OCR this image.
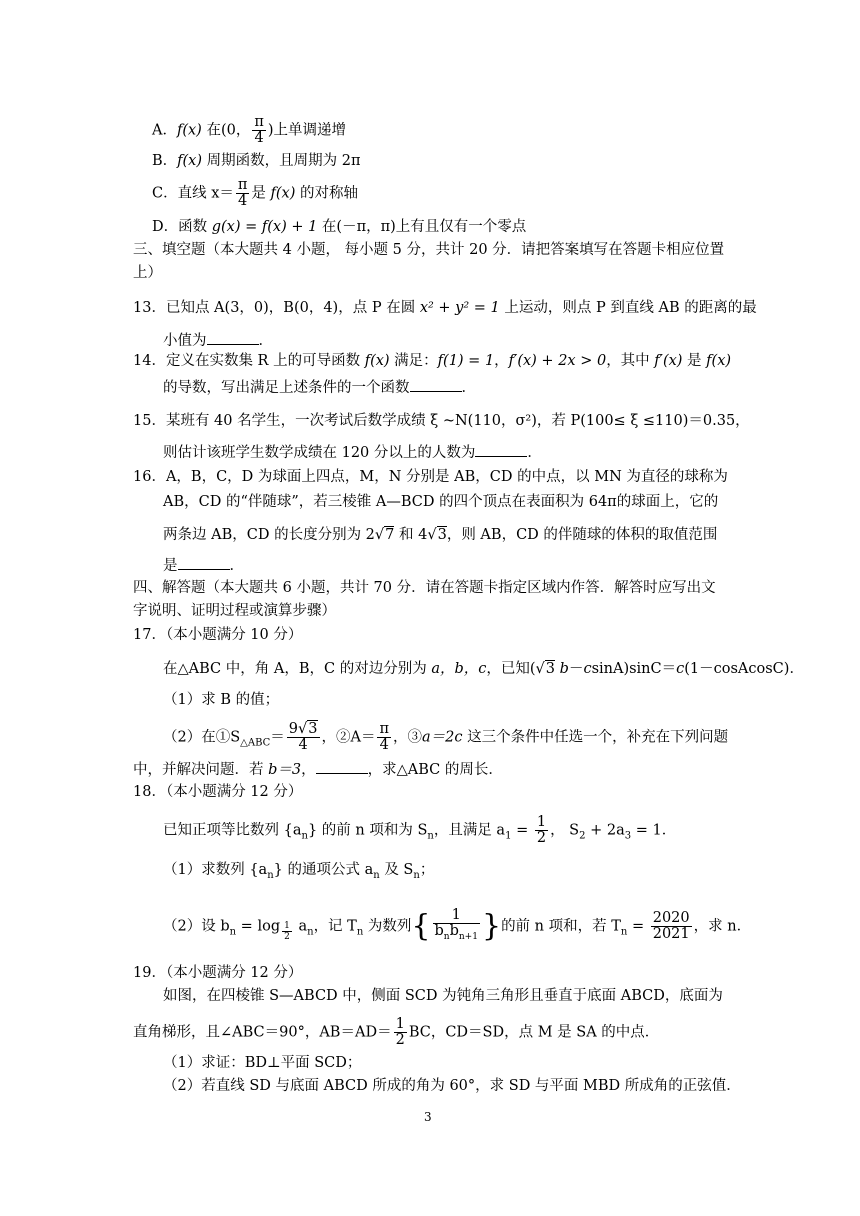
A．f(x) 在(0， $\frac{\pi}{4}$ )上单调递增
B．f(x) 周期函数，且周期为 2π
C．直线 $x= \frac{\pi}{4}$ 是 f(x) 的对称轴
D．函数 g(x) = f(x) + 1 在(－π，π)上有且仅有一个零点
三、填空题（本大题共 4 小题， 每小题 5 分，共计 20 分．请把答案填写在答题卡相应位置
上）
13．已知点 A(3，0)，B(0，4)，点 P 在圆 x² + y² = 1 上运动，则点 P 到直线 AB 的距离的最
小值为	．
14．定义在实数集 R 上的可导函数 f(x) 满足：f(1) = 1，f′(x) + 2x > 0，其中 f′(x) 是 f(x)
的导数，写出满足上述条件的一个函数	．
15．某班有 40 名学生，一次考试后数学成绩 ξ ~N(110，σ²)，若 P(100≤ ξ ≤110)＝0.35，
则估计该班学生数学成绩在 120 分以上的人数为	．
16．A，B，C，D 为球面上四点，M，N 分别是 AB，CD 的中点，以 MN 为直径的球称为
AB，CD 的“伴随球”，若三棱锥 A—BCD 的四个顶点在表面积为 64π的球面上，它的
两条边 AB，CD 的长度分别为 2√7 和 4√3，则 AB，CD 的伴随球的体积的取值范围
是	．
四、解答题（本大题共 6 小题，共计 70 分．请在答题卡指定区域内作答．解答时应写出文
字说明、证明过程或演算步骤）
17．（本小题满分 10 分）
在△ABC 中，角 A，B，C 的对边分别为 a，b，c，已知(√3 b－csinA)sinC＝c(1－cosAcosC)．
（1）求 B 的值；
（2）在$①S_{\triangle ABC}= \frac{9√3}{4}$ ，②A＝ $\frac{\pi}{4}$ ，③a＝2c 这三个条件中任选一个，补充在下列问题
中，并解决问题．若 b＝3，	，求△ABC 的周长．
18．（本小题满分 12 分）
已知正项等比数列 $\{a_n\}$ 的前 n 项和为 $S_n$，且满足 $a_1 = \frac{1}{2}$ ， $S_2 + 2a_3 = 1$．
（1）求数列 $\{a_n\}$ 的通项公式 $a_n$ 及 $S_n$；
（2）设 $b_n = \log _{\frac{1}{2}}$ $a_n$，记 $T_n$ 为数列{ $\frac{1}{b_nb_{n+1}}$ }的前 n 项和，若 $T_n = \frac{2020}{2021}$ ，求 n．
19．（本小题满分 12 分）
如图，在四棱锥 S—ABCD 中，侧面 SCD 为钝角三角形且垂直于底面 ABCD，底面为
直角梯形，且∠ABC＝90°，$AB=AD= \frac{1}{2}$ BC，CD＝SD，点 M 是 SA 的中点．
（1）求证：BD⊥平面 SCD；
（2）若直线 SD 与底面 ABCD 所成的角为 60°，求 SD 与平面 MBD 所成角的正弦值．
3
